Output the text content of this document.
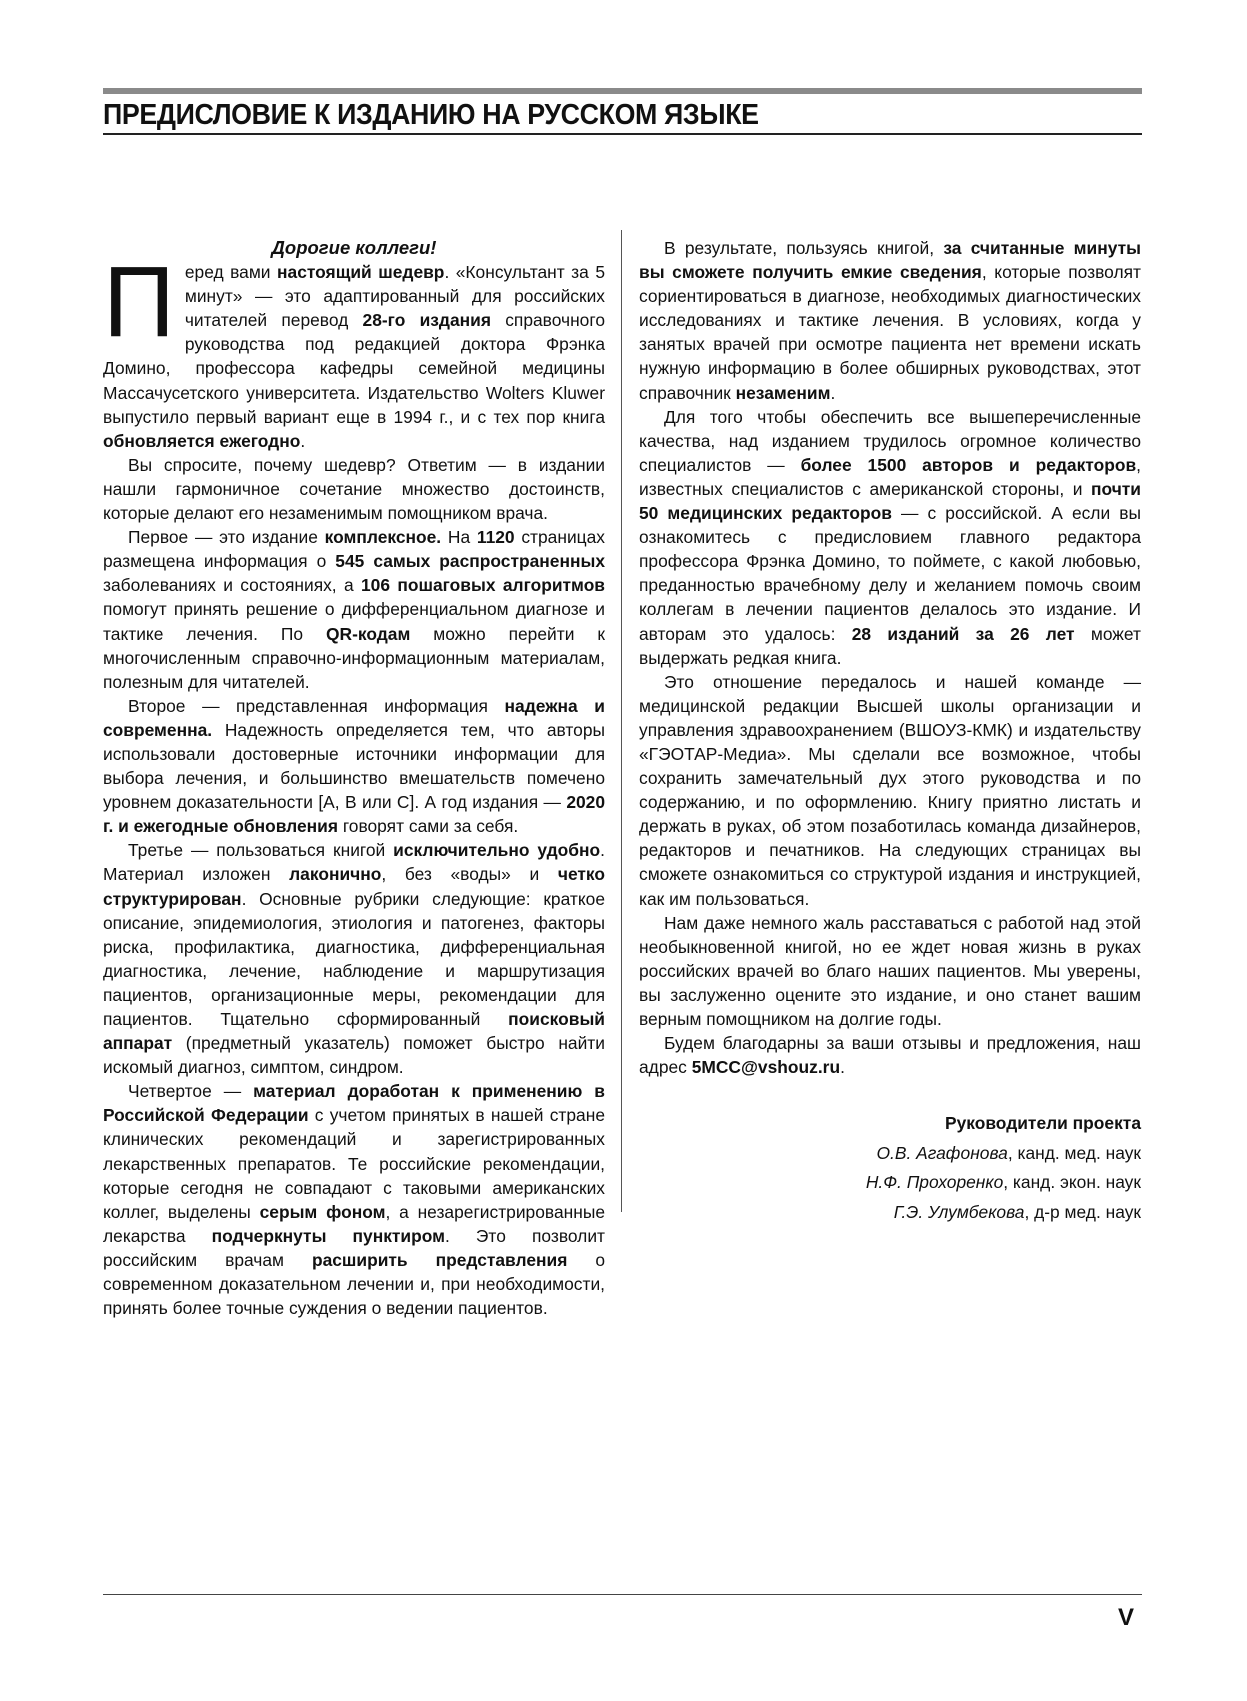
ПРЕДИСЛОВИЕ К ИЗДАНИЮ НА РУССКОМ ЯЗЫКЕ

Дорогие коллеги!

Перед вами настоящий шедевр. «Консультант за 5 минут» — это адаптированный для российских читателей перевод 28-го издания справочного руководства под редакцией доктора Фрэнка Домино, профессора кафедры семейной медицины Массачусетского университета. Издательство Wolters Kluwer выпустило первый вариант еще в 1994 г., и с тех пор книга обновляется ежегодно.

Вы спросите, почему шедевр? Ответим — в издании нашли гармоничное сочетание множество достоинств, которые делают его незаменимым помощником врача.

Первое — это издание комплексное. На 1120 страницах размещена информация о 545 самых распространенных заболеваниях и состояниях, а 106 пошаговых алгоритмов помогут принять решение о дифференциальном диагнозе и тактике лечения. По QR-кодам можно перейти к многочисленным справочно-информационным материалам, полезным для читателей.

Второе — представленная информация надежна и современна. Надежность определяется тем, что авторы использовали достоверные источники информации для выбора лечения, и большинство вмешательств помечено уровнем доказательности [A, B или C]. А год издания — 2020 г. и ежегодные обновления говорят сами за себя.

Третье — пользоваться книгой исключительно удобно. Материал изложен лаконично, без «воды» и четко структурирован. Основные рубрики следующие: краткое описание, эпидемиология, этиология и патогенез, факторы риска, профилактика, диагностика, дифференциальная диагностика, лечение, наблюдение и маршрутизация пациентов, организационные меры, рекомендации для пациентов. Тщательно сформированный поисковый аппарат (предметный указатель) поможет быстро найти искомый диагноз, симптом, синдром.

Четвертое — материал доработан к применению в Российской Федерации с учетом принятых в нашей стране клинических рекомендаций и зарегистрированных лекарственных препаратов. Те российские рекомендации, которые сегодня не совпадают с таковыми американских коллег, выделены серым фоном, а незарегистрированные лекарства подчеркнуты пунктиром. Это позволит российским врачам расширить представления о современном доказательном лечении и, при необходимости, принять более точные суждения о ведении пациентов.

В результате, пользуясь книгой, за считанные минуты вы сможете получить емкие сведения, которые позволят сориентироваться в диагнозе, необходимых диагностических исследованиях и тактике лечения. В условиях, когда у занятых врачей при осмотре пациента нет времени искать нужную информацию в более обширных руководствах, этот справочник незаменим.

Для того чтобы обеспечить все вышеперечисленные качества, над изданием трудилось огромное количество специалистов — более 1500 авторов и редакторов, известных специалистов с американской стороны, и почти 50 медицинских редакторов — с российской. А если вы ознакомитесь с предисловием главного редактора профессора Фрэнка Домино, то поймете, с какой любовью, преданностью врачебному делу и желанием помочь своим коллегам в лечении пациентов делалось это издание. И авторам это удалось: 28 изданий за 26 лет может выдержать редкая книга.

Это отношение передалось и нашей команде — медицинской редакции Высшей школы организации и управления здравоохранением (ВШОУЗ-КМК) и издательству «ГЭОТАР-Медиа». Мы сделали все возможное, чтобы сохранить замечательный дух этого руководства и по содержанию, и по оформлению. Книгу приятно листать и держать в руках, об этом позаботилась команда дизайнеров, редакторов и печатников. На следующих страницах вы сможете ознакомиться со структурой издания и инструкцией, как им пользоваться.

Нам даже немного жаль расставаться с работой над этой необыкновенной книгой, но ее ждет новая жизнь в руках российских врачей во благо наших пациентов. Мы уверены, вы заслуженно оцените это издание, и оно станет вашим верным помощником на долгие годы.

Будем благодарны за ваши отзывы и предложения, наш адрес 5MCC@vshouz.ru.

Руководители проекта
О.В. Агафонова, канд. мед. наук
Н.Ф. Прохоренко, канд. экон. наук
Г.Э. Улумбекова, д-р мед. наук
V
